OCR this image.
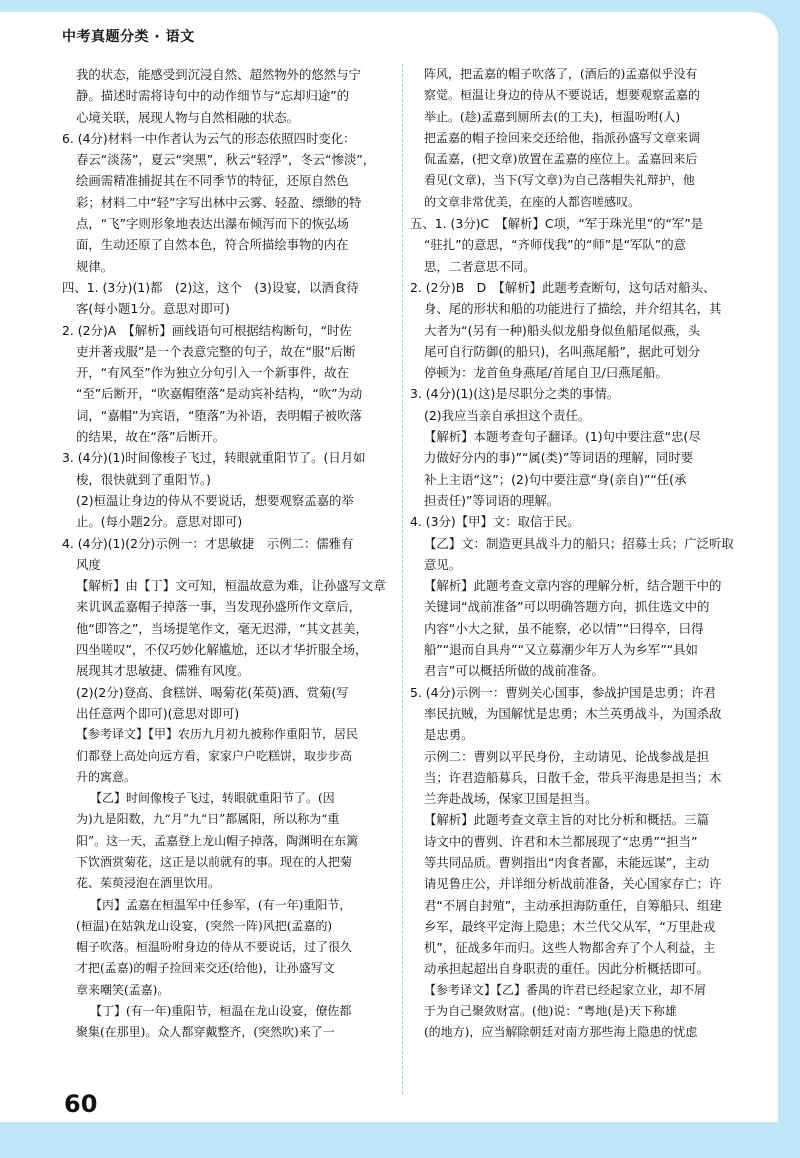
中考真题分类 · 语文
我的状态，能感受到沉浸自然、超然物外的悠然与宁
静。描述时需将诗句中的动作细节与“忘却归途”的
心境关联，展现人物与自然相融的状态。
6. (4分)材料一中作者认为云气的形态依照四时变化：
春云“淡荡”，夏云“突黑”，秋云“轻浮”，冬云“惨淡”，
绘画需精准捕捉其在不同季节的特征，还原自然色
彩；材料二中“轻”字写出林中云雾、轻盈、缥缈的特
点，“飞”字则形象地表达出瀑布倾泻而下的恢弘场
面，生动还原了自然本色，符合所描绘事物的内在
规律。
四、1. (3分)(1)都　(2)这，这个　(3)设宴，以酒食待
客(每小题1分。意思对即可)
2. (2分)A　【解析】画线语句可根据结构断句，“时佐
吏并著戎服”是一个表意完整的句子，故在“服”后断
开，“有风至”作为独立分句引入一个新事件，故在
“至”后断开，“吹嘉帽堕落”是动宾补结构，“吹”为动
词，“嘉帽”为宾语，“堕落”为补语，表明帽子被吹落
的结果，故在“落”后断开。
3. (4分)(1)时间像梭子飞过，转眼就重阳节了。(日月如
梭，很快就到了重阳节。)
(2)桓温让身边的侍从不要说话，想要观察孟嘉的举
止。(每小题2分。意思对即可)
4. (4分)(1)(2分)示例一：才思敏捷　示例二：儒雅有
风度
【解析】由【丁】文可知，桓温故意为难，让孙盛写文章
来讥讽孟嘉帽子掉落一事，当发现孙盛所作文章后，
他“即答之”，当场提笔作文，毫无迟滞，“其文甚美，
四坐嗟叹”，不仅巧妙化解尴尬，还以才华折服全场，
展现其才思敏捷、儒雅有风度。
(2)(2分)登高、食糕饼、喝菊花(茱萸)酒、赏菊(写
出任意两个即可)(意思对即可)
【参考译文】【甲】农历九月初九被称作重阳节，居民
们都登上高处向远方看，家家户户吃糕饼，取步步高
升的寓意。
　【乙】时间像梭子飞过，转眼就重阳节了。(因
为)九是阳数，九“月”九“日”都属阳，所以称为“重
阳”。这一天，孟嘉登上龙山帽子掉落，陶渊明在东篱
下饮酒赏菊花，这正是以前就有的事。现在的人把菊
花、茱萸浸泡在酒里饮用。
　【丙】孟嘉在桓温军中任参军，(有一年)重阳节，
(桓温)在姑孰龙山设宴，(突然一阵)风把(孟嘉的)
帽子吹落。桓温吩咐身边的侍从不要说话，过了很久
才把(孟嘉)的帽子捡回来交还(给他)，让孙盛写文
章来嘲笑(孟嘉)。
　【丁】(有一年)重阳节，桓温在龙山设宴，僚佐都
聚集(在那里)。众人都穿戴整齐，(突然吹)来了一
阵风，把孟嘉的帽子吹落了，(酒后的)孟嘉似乎没有
察觉。桓温让身边的侍从不要说话，想要观察孟嘉的
举止。(趁)孟嘉到厕所去(的工夫)，桓温吩咐(人)
把孟嘉的帽子捡回来交还给他，指派孙盛写文章来调
侃孟嘉，(把文章)放置在孟嘉的座位上。孟嘉回来后
看见(文章)，当下(写文章)为自己落帽失礼辩护，他
的文章非常优美，在座的人都咨嗟感叹。
五、1. (3分)C　【解析】C项，“军于珠光里”的“军”是
“驻扎”的意思，“齐师伐我”的“师”是“军队”的意
思，二者意思不同。
2. (2分)B　D　【解析】此题考查断句，这句话对船头、
身、尾的形状和船的功能进行了描绘，并介绍其名，其
大者为“(另有一种)船头似龙船身似鱼船尾似燕，头
尾可自行防御(的船只)，名叫燕尾船”，据此可划分
停顿为：龙首鱼身燕尾/首尾自卫/曰燕尾船。
3. (4分)(1)(这)是尽职分之类的事情。
(2)我应当亲自承担这个责任。
【解析】本题考查句子翻译。(1)句中要注意“忠(尽
力做好分内的事)”“属(类)”等词语的理解，同时要
补上主语“这”；(2)句中要注意“身(亲自)”“任(承
担责任)”等词语的理解。
4. (3分)【甲】文：取信于民。
【乙】文：制造更具战斗力的船只；招募士兵；广泛听取
意见。
【解析】此题考查文章内容的理解分析，结合题干中的
关键词“战前准备”可以明确答题方向，抓住选文中的
内容“小大之狱，虽不能察，必以情”“曰得卒，曰得
船”“退而自具舟”“又立募潮少年万人为乡军”“具如
君言”可以概括所做的战前准备。
5. (4分)示例一：曹刿关心国事，参战护国是忠勇；许君
率民抗贼，为国解忧是忠勇；木兰英勇战斗，为国杀敌
是忠勇。
示例二：曹刿以平民身份，主动请见、论战参战是担
当；许君造船募兵，日散千金，带兵平海患是担当；木
兰奔赴战场，保家卫国是担当。
【解析】此题考查文章主旨的对比分析和概括。三篇
诗文中的曹刿、许君和木兰都展现了“忠勇”“担当”
等共同品质。曹刿指出“肉食者鄙，未能远谋”，主动
请见鲁庄公，并详细分析战前准备，关心国家存亡；许
君“不屑自封殖”，主动承担海防重任，自筹船只、组建
乡军，最终平定海上隐患；木兰代父从军，“万里赴戎
机”，征战多年而归。这些人物都舍弃了个人利益，主
动承担起超出自身职责的重任。因此分析概括即可。
【参考译文】【乙】番禺的许君已经起家立业，却不屑
于为自己聚敛财富。(他)说：“粤地(是)天下称雄
(的地方)，应当解除朝廷对南方那些海上隐患的忧虑
60
